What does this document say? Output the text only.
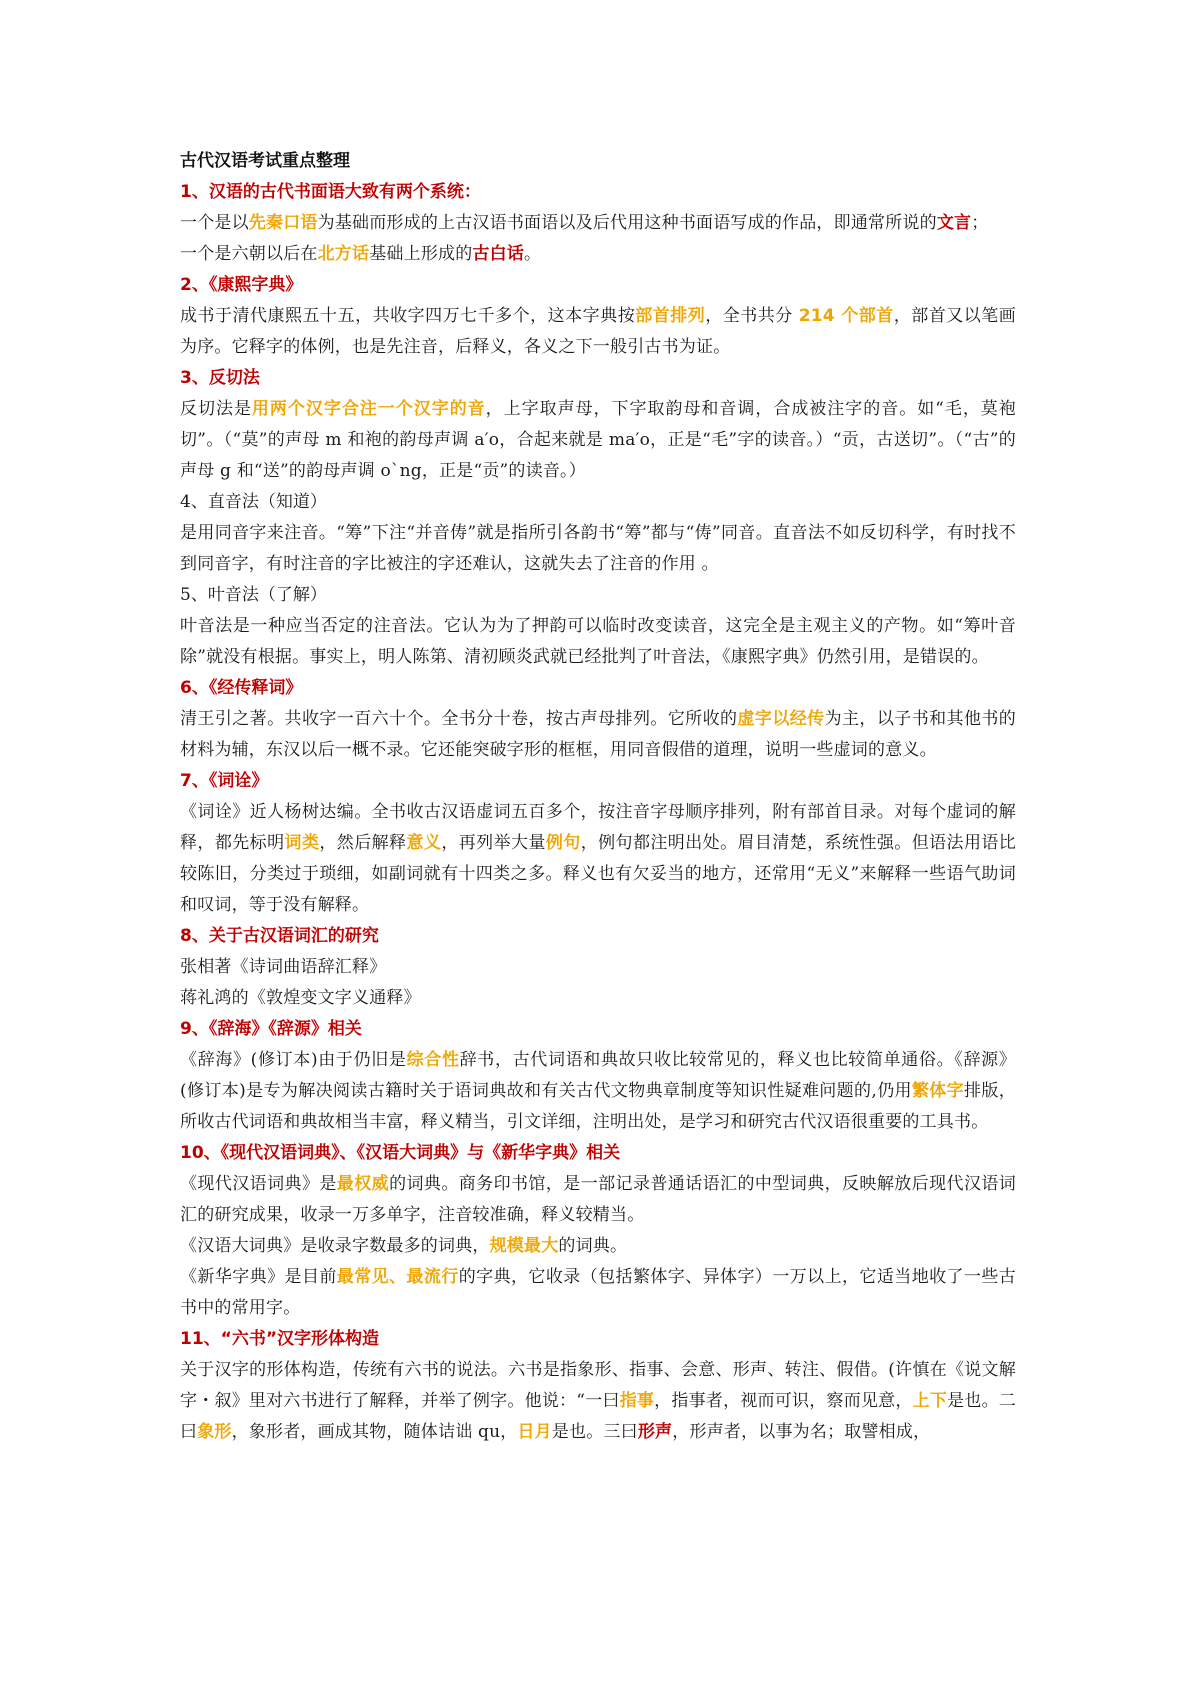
古代汉语考试重点整理

1、汉语的古代书面语大致有两个系统：

一个是以先秦口语为基础而形成的上古汉语书面语以及后代用这种书面语写成的作品，即通常所说的文言；

一个是六朝以后在北方话基础上形成的古白话。

2、《康熙字典》

成书于清代康熙五十五，共收字四万七千多个，这本字典按部首排列，全书共分 214 个部首，部首又以笔画为序。它释字的体例，也是先注音，后释义，各义之下一般引古书为证。

3、反切法

反切法是用两个汉字合注一个汉字的音，上字取声母，下字取韵母和音调，合成被注字的音。如“毛，莫袍切”。（“莫”的声母 m 和袍的韵母声调 a′o，合起来就是 ma′o，正是“毛”字的读音。）“贡，古送切”。（“古”的声母 g 和“送”的韵母声调 o`ng，正是“贡”的读音。）

4、直音法（知道）

是用同音字来注音。“筹”下注“并音俦”就是指所引各韵书“筹”都与“俦”同音。直音法不如反切科学，有时找不到同音字，有时注音的字比被注的字还难认，这就失去了注音的作用 。

5、叶音法（了解）

叶音法是一种应当否定的注音法。它认为为了押韵可以临时改变读音，这完全是主观主义的产物。如“筹叶音除”就没有根据。事实上，明人陈第、清初顾炎武就已经批判了叶音法，《康熙字典》仍然引用，是错误的。

6、《经传释词》

清王引之著。共收字一百六十个。全书分十卷，按古声母排列。它所收的虚字以经传为主，以子书和其他书的材料为辅，东汉以后一概不录。它还能突破字形的框框，用同音假借的道理，说明一些虚词的意义。

7、《词诠》

《词诠》近人杨树达编。全书收古汉语虚词五百多个，按注音字母顺序排列，附有部首目录。对每个虚词的解释，都先标明词类，然后解释意义，再列举大量例句，例句都注明出处。眉目清楚，系统性强。但语法用语比较陈旧，分类过于琐细，如副词就有十四类之多。释义也有欠妥当的地方，还常用“无义”来解释一些语气助词和叹词，等于没有解释。

8、关于古汉语词汇的研究

张相著《诗词曲语辞汇释》

蒋礼鸿的《敦煌变文字义通释》

9、《辞海》《辞源》相关

《辞海》(修订本)由于仍旧是综合性辞书，古代词语和典故只收比较常见的，释义也比较简单通俗。《辞源》(修订本)是专为解决阅读古籍时关于语词典故和有关古代文物典章制度等知识性疑难问题的,仍用繁体字排版，所收古代词语和典故相当丰富，释义精当，引文详细，注明出处，是学习和研究古代汉语很重要的工具书。

10、《现代汉语词典》、《汉语大词典》与《新华字典》相关

《现代汉语词典》是最权威的词典。商务印书馆，是一部记录普通话语汇的中型词典，反映解放后现代汉语词汇的研究成果，收录一万多单字，注音较准确，释义较精当。

《汉语大词典》是收录字数最多的词典，规模最大的词典。

《新华字典》是目前最常见、最流行的字典，它收录（包括繁体字、异体字）一万以上，它适当地收了一些古书中的常用字。

11、“六书”汉字形体构造

关于汉字的形体构造，传统有六书的说法。六书是指象形、指事、会意、形声、转注、假借。(许慎在《说文解字・叙》里对六书进行了解释，并举了例字。他说：“一曰指事，指事者，视而可识，察而见意，上下是也。二曰象形，象形者，画成其物，随体诘诎 qu，日月是也。三曰形声，形声者，以事为名；取譬相成，
